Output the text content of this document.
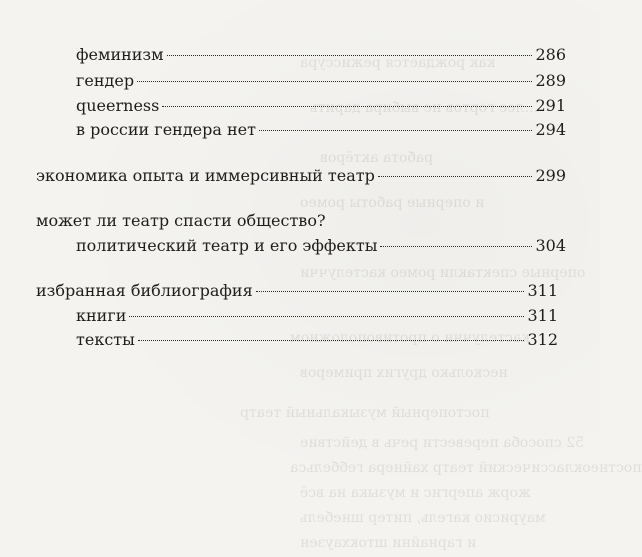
как рождается режиссура
…лее гортов не выбира дарить
работа актёров
и оперные работы ромео
оперные спектакли ромео кастелуччи
кастелуччи о противоположном
несколько других примеров
постоперный музыкальный театр
52 способа перевести речь в действие
постнеоклассический театр хайнера геббельса
жорж апергис и музыка на всё
маурисио кагель, питер шнебель
и гарнайни штокхаузен
феминизм	286
гендер	289
queerness	291
в россии гендера нет	294
экономика опыта и иммерсивный театр	299
может ли театр спасти общество?
политический театр и его эффекты	304
избранная библиография	311
книги	311
тексты	312
